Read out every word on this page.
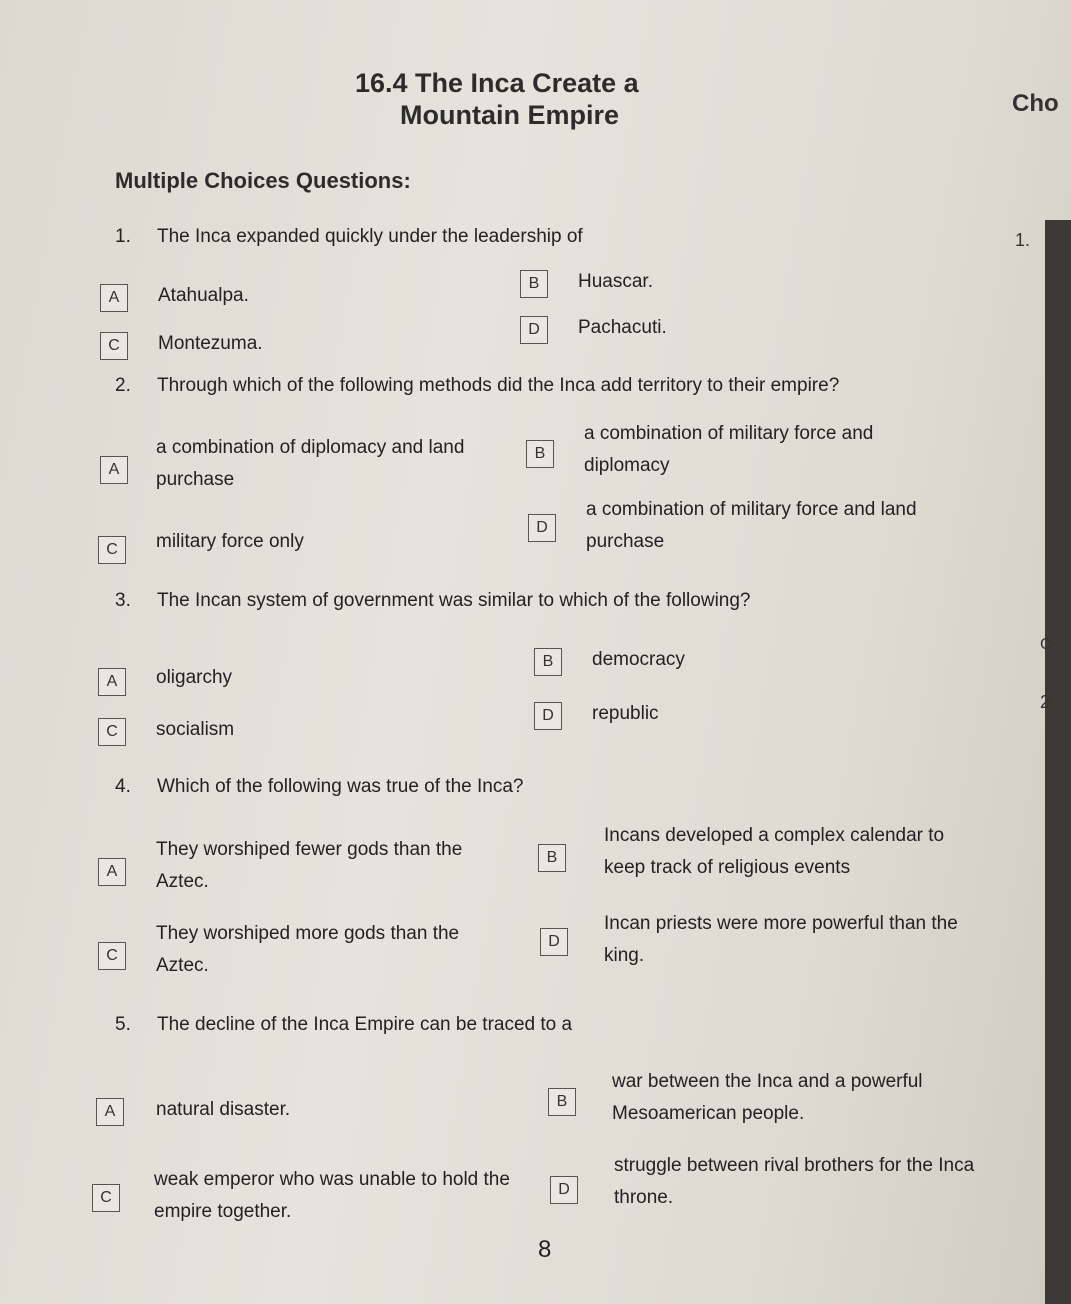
16.4 The Inca Create a
Mountain Empire	Cho
Multiple Choices Questions:
1.
C
2
1. The Inca expanded quickly under the leadership of
A	Atahualpa.
B	Huascar.
C	Montezuma.
D	Pachacuti.
2. Through which of the following methods did the Inca add territory to their empire?
A
a combination of diplomacy and land purchase
B
a combination of military force and diplomacy
C	military force only
D
a combination of military force and land purchase
3. The Incan system of government was similar to which of the following?
A	oligarchy
B	democracy
C	socialism
D	republic
4. Which of the following was true of the Inca?
A
They worshiped fewer gods than the Aztec.
B
Incans developed a complex calendar to keep track of religious events
C
They worshiped more gods than the Aztec.
D
Incan priests were more powerful than the king.
5. The decline of the Inca Empire can be traced to a
A	natural disaster.	B
war between the Inca and a powerful Mesoamerican people.
C
weak emperor who was unable to hold the empire together.
D
struggle between rival brothers for the Inca throne.
8
